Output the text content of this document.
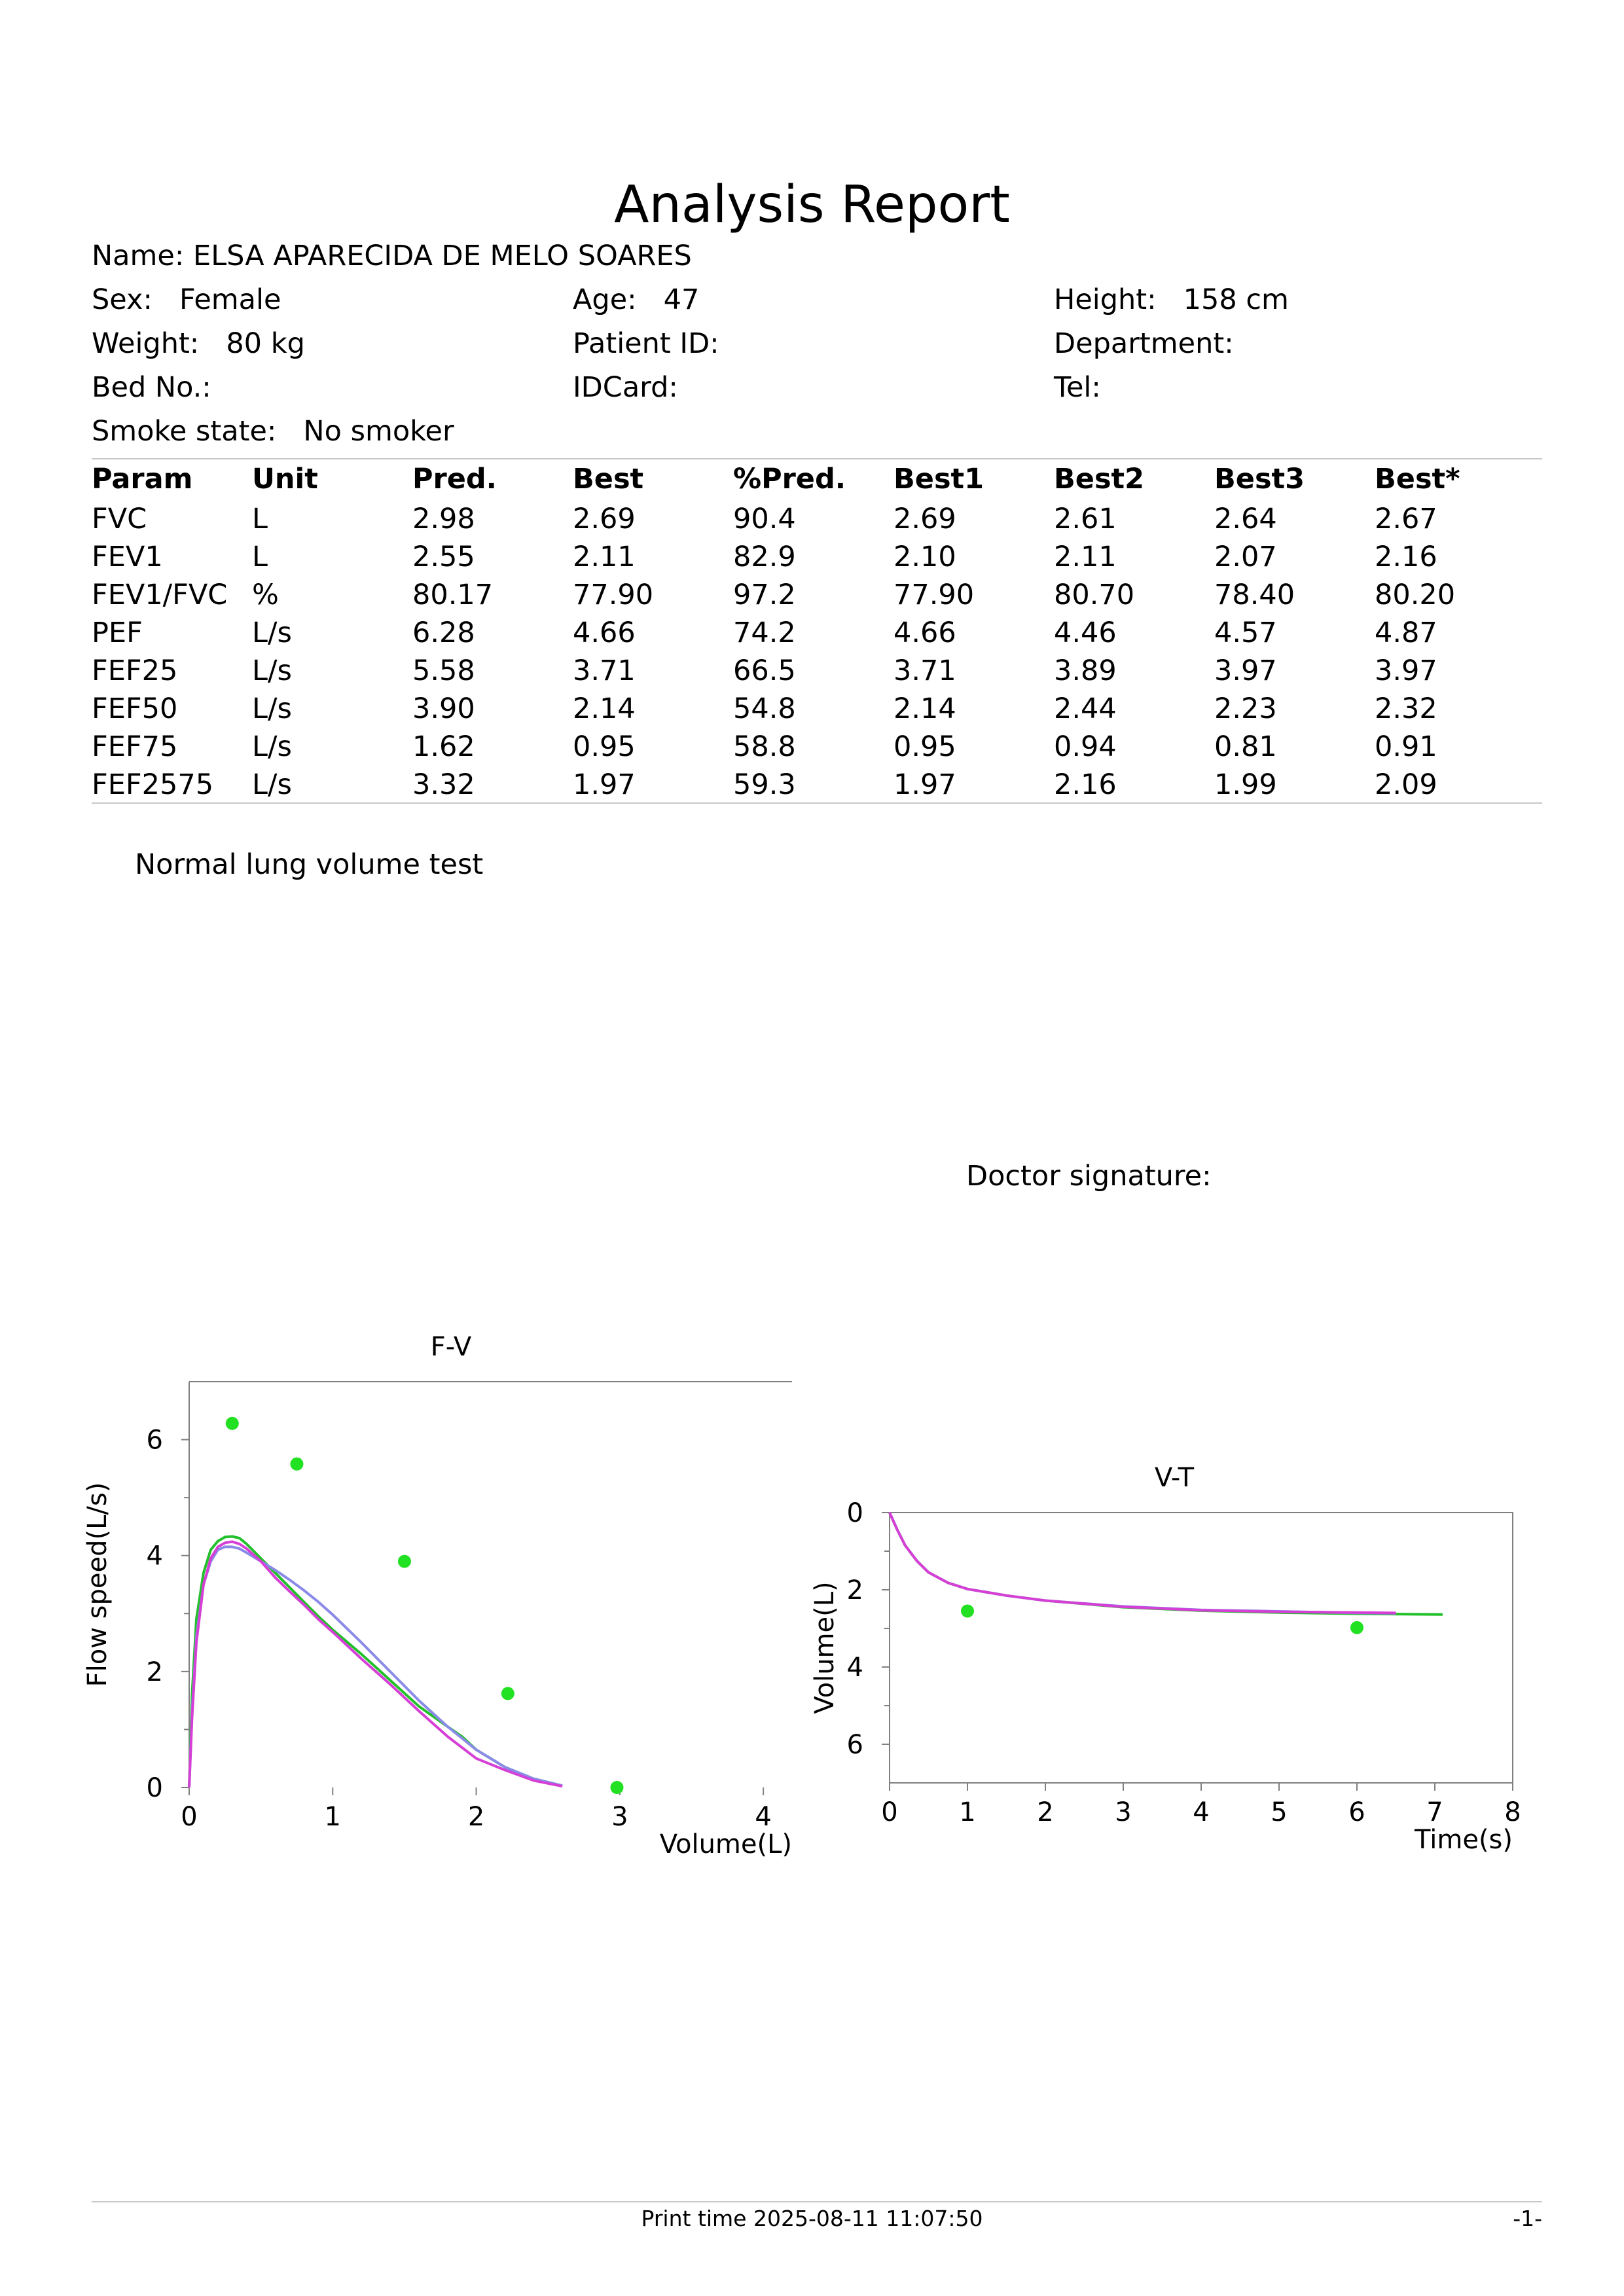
Analysis Report
Name: ELSA APARECIDA DE MELO SOARES
Sex: Female	Age: 47	Height: 158 cm
Weight: 80 kg	Patient ID:	Department:
Bed No.:	IDCard:	Tel:
Smoke state: No smoker
Param	Unit	Pred.	Best	%Pred.	Best1	Best2	Best3	Best*
FVC	L	2.98	2.69	90.4	2.69	2.61	2.64	2.67
FEV1	L	2.55	2.11	82.9	2.10	2.11	2.07	2.16
FEV1/FVC	%	80.17	77.90	97.2	77.90	80.70	78.40	80.20
PEF	L/s	6.28	4.66	74.2	4.66	4.46	4.57	4.87
FEF25	L/s	5.58	3.71	66.5	3.71	3.89	3.97	3.97
FEF50	L/s	3.90	2.14	54.8	2.14	2.44	2.23	2.32
FEF75	L/s	1.62	0.95	58.8	0.95	0.94	0.81	0.91
FEF2575	L/s	3.32	1.97	59.3	1.97	2.16	1.99	2.09
Normal lung volume test
Doctor signature:
F-V
0	1	2	3	4
0
2
4
6
Volume(L)
Flow speed(L/s)
V-T
0 1 2 3 4 5 6 7 8
0
2
4
6
Time(s)
Volume(L)
Print time 2025-08-11 11:07:50	-1-
